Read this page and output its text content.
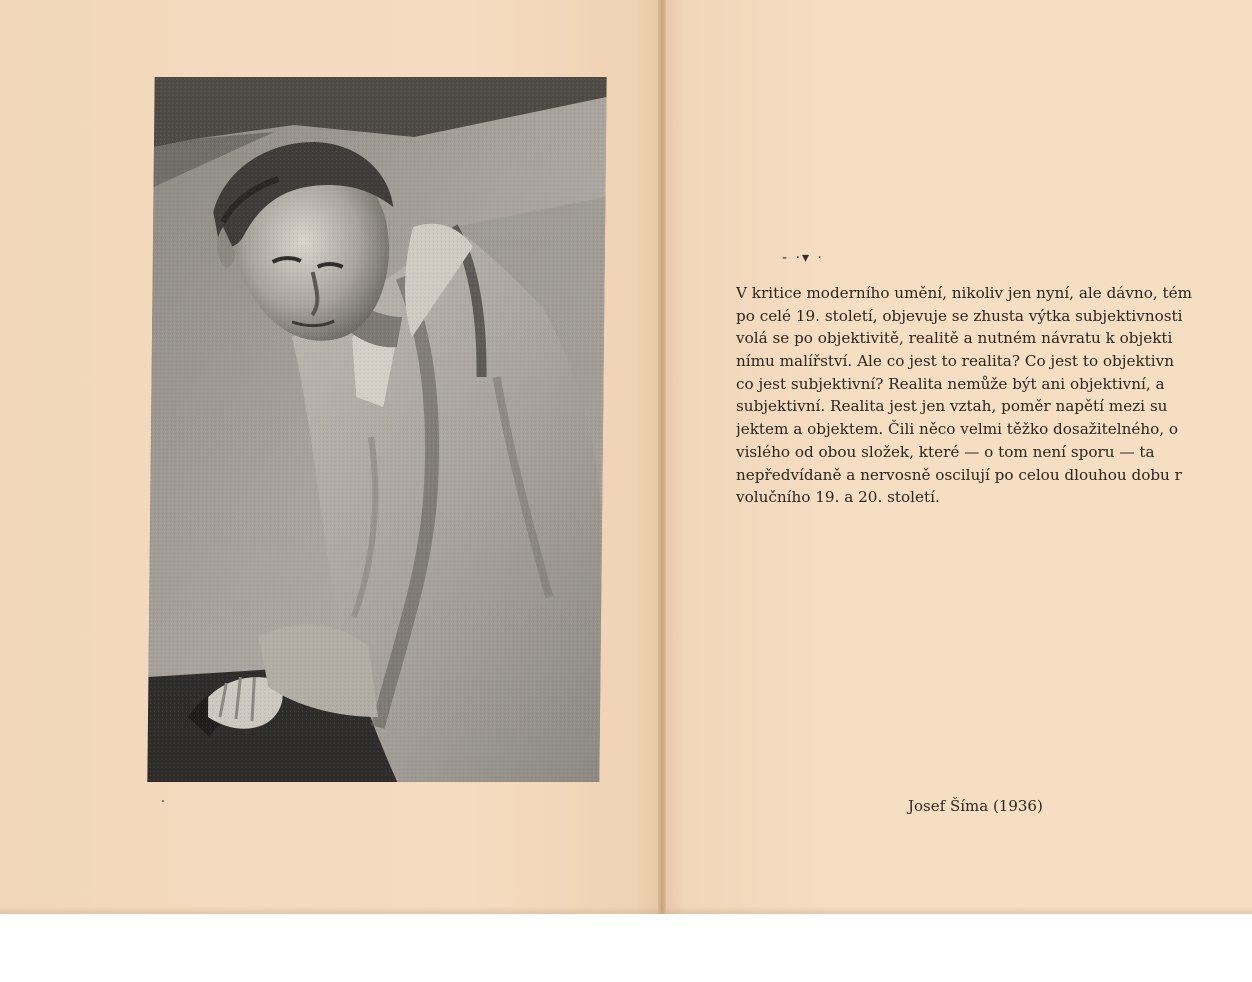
- ·▾ ·
V kritice moderního umění, nikoliv jen nyní, ale dávno, tém
po celé 19. století, objevuje se zhusta výtka subjektivnosti
volá se po objektivitě, realitě a nutném návratu k objekti
nímu malířství. Ale co jest to realita? Co jest to objektivn
co jest subjektivní? Realita nemůže být ani objektivní, a
subjektivní. Realita jest jen vztah, poměr napětí mezi su
jektem a objektem. Čili něco velmi těžko dosažitelného, o
vislého od obou složek, které — o tom není sporu — ta
nepředvídaně a nervosně oscilují po celou dlouhou dobu r
volučního 19. a 20. století.
Josef Šíma (1936)
